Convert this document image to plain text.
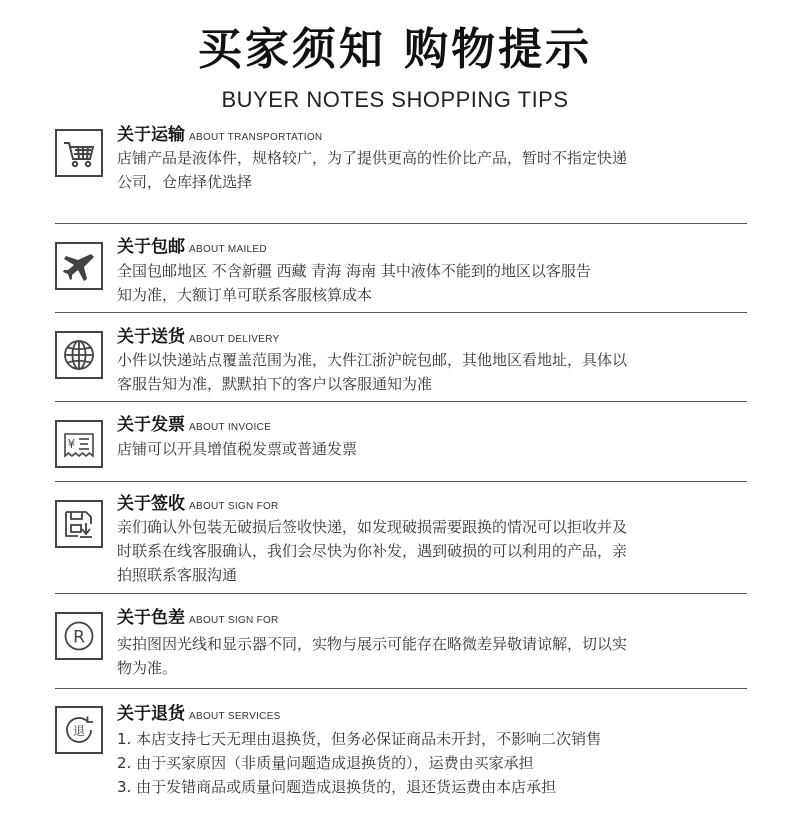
买家须知 购物提示
BUYER NOTES SHOPPING TIPS
关于运输 ABOUT TRANSPORTATION
店铺产品是液体件，规格较广，为了提供更高的性价比产品，暂时不指定快递
公司，仓库择优选择
关于包邮 ABOUT MAILED
全国包邮地区 不含新疆 西藏 青海 海南 其中液体不能到的地区以客服告
知为准，大额订单可联系客服核算成本
关于送货 ABOUT DELIVERY
小件以快递站点覆盖范围为准，大件江浙沪皖包邮，其他地区看地址，具体以
客服告知为准，默默拍下的客户以客服通知为准
¥
关于发票 ABOUT INVOICE
店铺可以开具增值税发票或普通发票
关于签收 ABOUT SIGN FOR
亲们确认外包装无破损后签收快递，如发现破损需要跟换的情况可以拒收并及
时联系在线客服确认，我们会尽快为你补发，遇到破损的可以利用的产品，亲
拍照联系客服沟通
R
关于色差 ABOUT SIGN FOR
实拍图因光线和显示器不同，实物与展示可能存在略微差异敬请谅解，切以实
物为准。
退
关于退货 ABOUT SERVICES
1. 本店支持七天无理由退换货，但务必保证商品未开封，不影响二次销售
2. 由于买家原因（非质量问题造成退换货的），运费由买家承担
3. 由于发错商品或质量问题造成退换货的，退还货运费由本店承担
